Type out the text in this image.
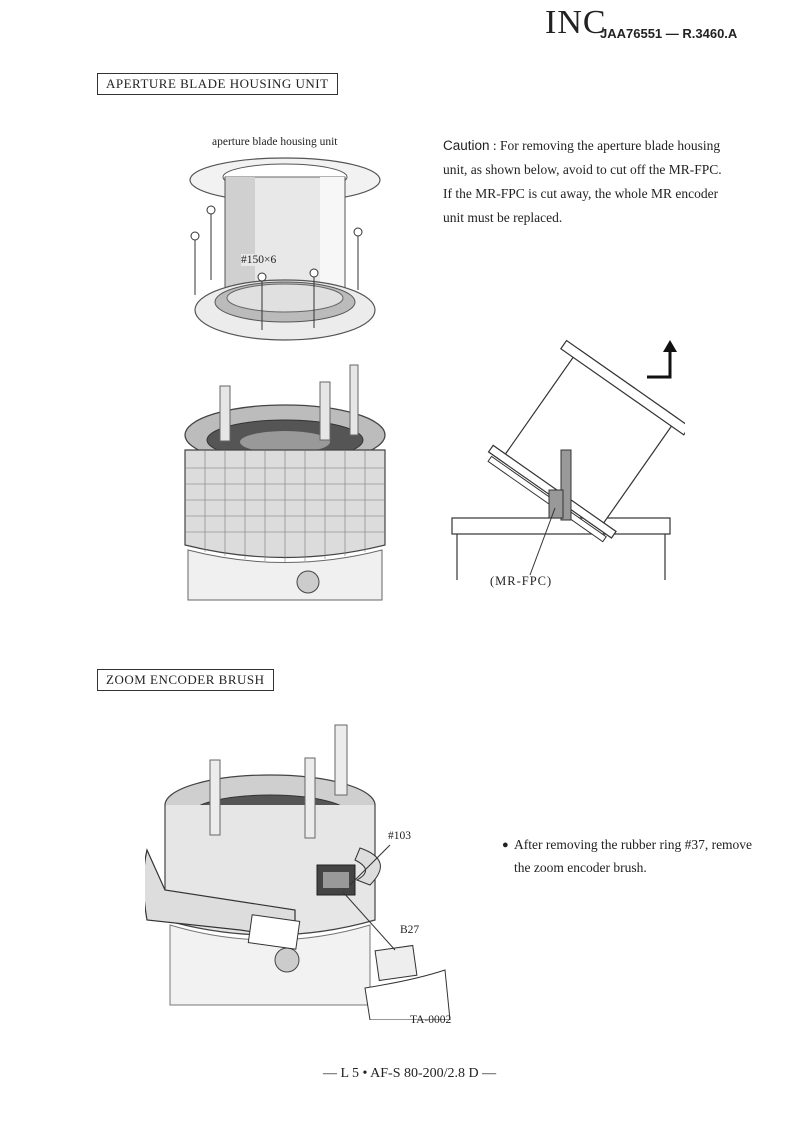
INC
JAA76551 — R.3460.A
APERTURE BLADE HOUSING UNIT
aperture blade housing unit
#150×6
Caution : For removing the aperture blade housing unit, as shown below, avoid to cut off the MR-FPC.
If the MR-FPC is cut away, the whole MR encoder unit must be replaced.
(MR-FPC)
ZOOM ENCODER BRUSH
#103
B27
TA-0002
● After removing the rubber ring #37, remove the zoom encoder brush.
— L 5 • AF-S 80-200/2.8 D —
